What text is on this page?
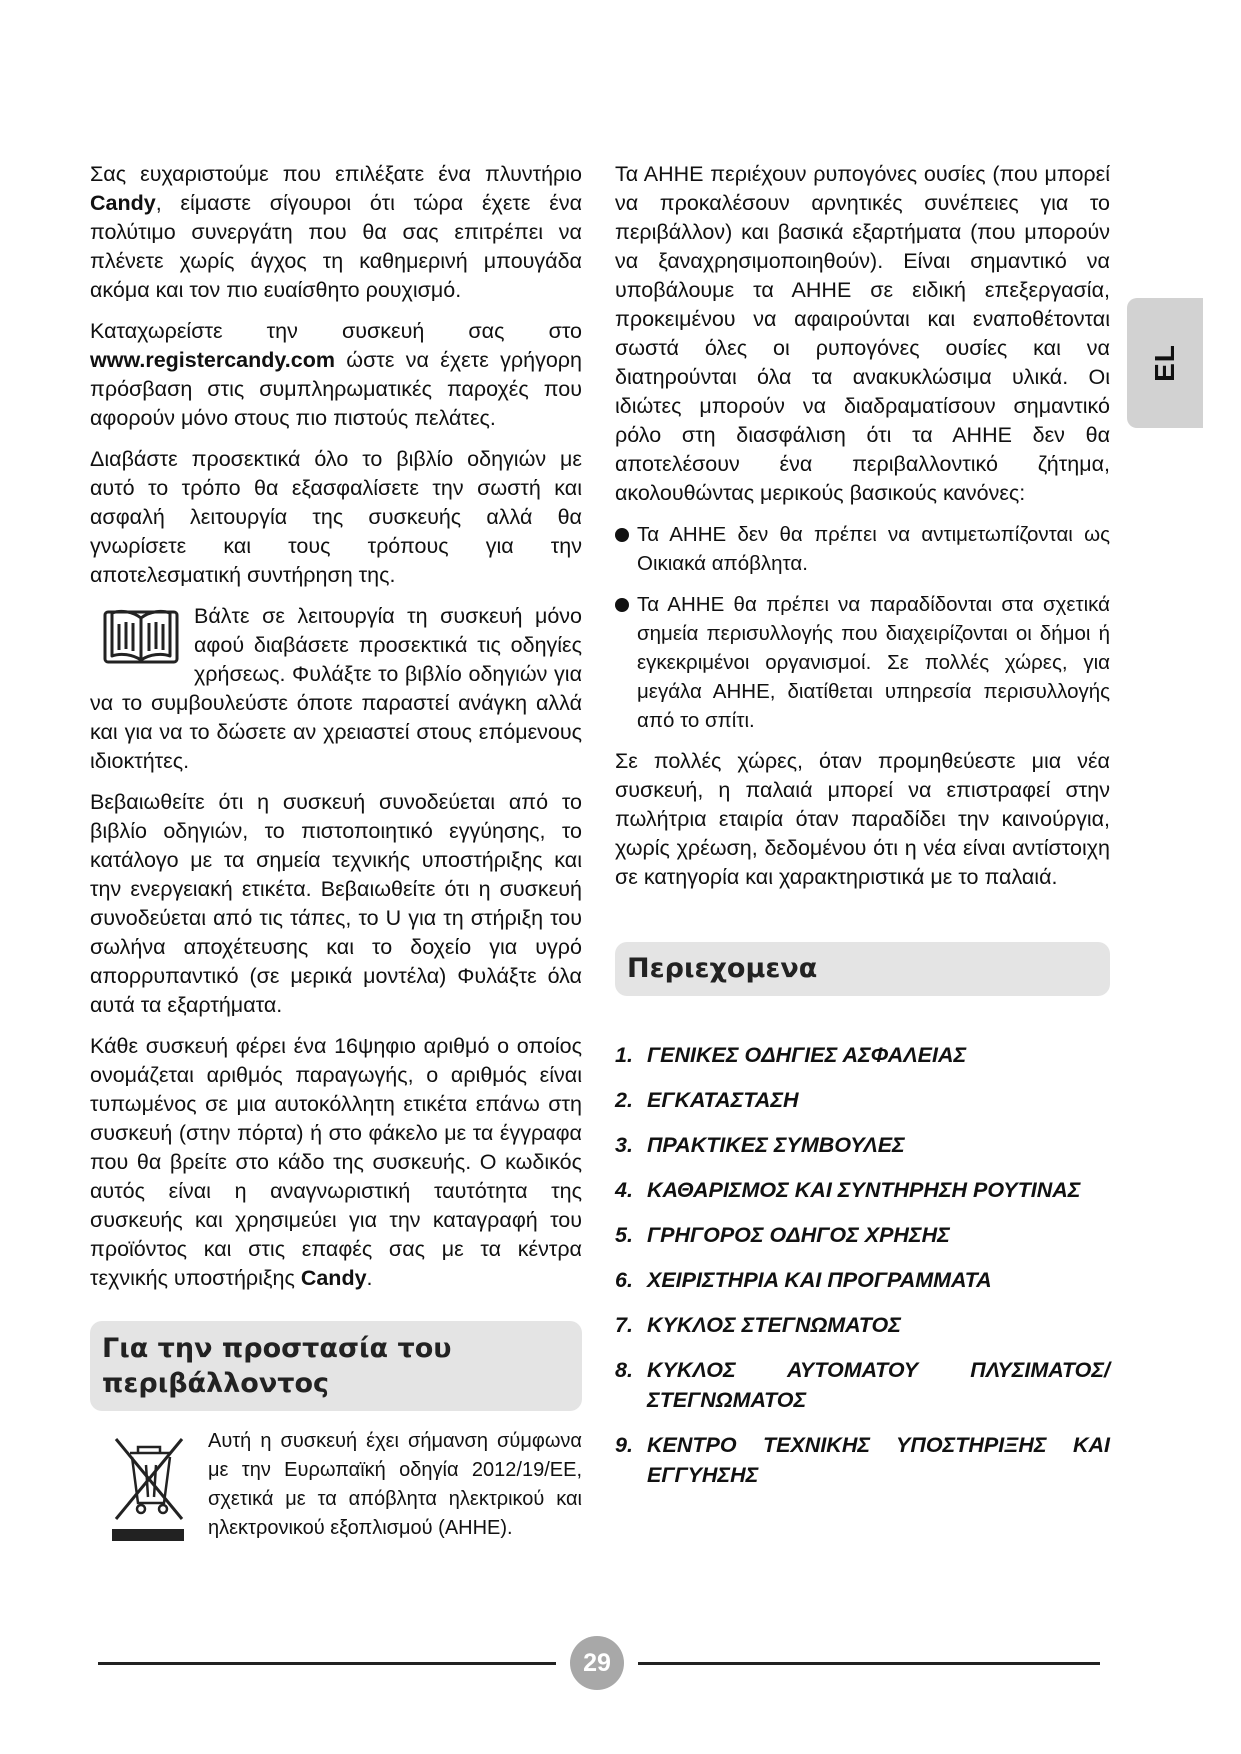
Σας ευχαριστούμε που επιλέξατε ένα πλυντήριο Candy, είμαστε σίγουροι ότι τώρα έχετε ένα πολύτιμο συνεργάτη που θα σας επιτρέπει να πλένετε χωρίς άγχος τη καθημερινή μπουγάδα ακόμα και τον πιο ευαίσθητο ρουχισμό.

Καταχωρείστε την συσκευή σας στο www.registercandy.com ώστε να έχετε γρήγορη πρόσβαση στις συμπληρωματικές παροχές που αφορούν μόνο στους πιο πιστούς πελάτες.

Διαβάστε προσεκτικά όλο το βιβλίο οδηγιών με αυτό το τρόπο θα εξασφαλίσετε την σωστή και ασφαλή λειτουργία της συσκευής αλλά θα γνωρίσετε και τους τρόπους για την αποτελεσματική συντήρηση της.

Βάλτε σε λειτουργία τη συσκευή μόνο αφού διαβάσετε προσεκτικά τις οδηγίες χρήσεως. Φυλάξτε το βιβλίο οδηγιών για να το συμβουλεύστε όποτε παραστεί ανάγκη αλλά και για να το δώσετε αν χρειαστεί στους επόμενους ιδιοκτήτες.

Βεβαιωθείτε ότι η συσκευή συνοδεύεται από το βιβλίο οδηγιών, το πιστοποιητικό εγγύησης, το κατάλογο με τα σημεία τεχνικής υποστήριξης και την ενεργειακή ετικέτα. Βεβαιωθείτε ότι η συσκευή συνοδεύεται από τις τάπες, το U για τη στήριξη του σωλήνα αποχέτευσης και το δοχείο για υγρό απορρυπαντικό (σε μερικά μοντέλα) Φυλάξτε όλα αυτά τα εξαρτήματα.

Κάθε συσκευή φέρει ένα 16ψηφιο αριθμό ο οποίος ονομάζεται αριθμός παραγωγής, ο αριθμός είναι τυπωμένος σε μια αυτοκόλλητη ετικέτα επάνω στη συσκευή (στην πόρτα) ή στο φάκελο με τα έγγραφα που θα βρείτε στο κάδο της συσκευής. Ο κωδικός αυτός είναι η αναγνωριστική ταυτότητα της συσκευής και χρησιμεύει για την καταγραφή του προϊόντος και στις επαφές σας με τα κέντρα τεχνικής υποστήριξης Candy.

Για την προστασία του
περιβάλλοντος

Αυτή η συσκευή έχει σήμανση σύμφωνα με την Ευρωπαϊκή οδηγία 2012/19/ΕΕ, σχετικά με τα απόβλητα ηλεκτρικού και ηλεκτρονικού εξοπλισμού (ΑΗΗΕ).

Τα ΑΗΗΕ περιέχουν ρυπογόνες ουσίες (που μπορεί να προκαλέσουν αρνητικές συνέπειες για το περιβάλλον) και βασικά εξαρτήματα (που μπορούν να ξαναχρησιμοποιηθούν). Είναι σημαντικό να υποβάλουμε τα ΑΗΗΕ σε ειδική επεξεργασία, προκειμένου να αφαιρούνται και εναποθέτονται σωστά όλες οι ρυπογόνες ουσίες και να διατηρούνται όλα τα ανακυκλώσιμα υλικά. Οι ιδιώτες μπορούν να διαδραματίσουν σημαντικό ρόλο στη διασφάλιση ότι τα ΑΗΗΕ δεν θα αποτελέσουν ένα περιβαλλοντικό ζήτημα, ακολουθώντας μερικούς βασικούς κανόνες:

Τα ΑΗΗΕ δεν θα πρέπει να αντιμετωπίζονται ως Οικιακά απόβλητα.
Τα ΑΗΗΕ θα πρέπει να παραδίδονται στα σχετικά σημεία περισυλλογής που διαχειρίζονται οι δήμοι ή εγκεκριμένοι οργανισμοί. Σε πολλές χώρες, για μεγάλα ΑΗΗΕ, διατίθεται υπηρεσία περισυλλογής από το σπίτι.

Σε πολλές χώρες, όταν προμηθεύεστε μια νέα συσκευή, η παλαιά μπορεί να επιστραφεί στην πωλήτρια εταιρία όταν παραδίδει την καινούργια, χωρίς χρέωση, δεδομένου ότι η νέα είναι αντίστοιχη σε κατηγορία και χαρακτηριστικά με το παλαιά.

Περιεχομενα
1. ΓΕΝΙΚΕΣ ΟΔΗΓΙΕΣ ΑΣΦΑΛΕΙΑΣ
2. ΕΓΚΑΤΑΣΤΑΣΗ
3. ΠΡΑΚΤΙΚΕΣ ΣΥΜΒΟΥΛΕΣ
4. ΚΑΘΑΡΙΣΜΟΣ ΚΑΙ ΣΥΝΤΗΡΗΣΗ ΡΟΥΤΙΝΑΣ
5. ΓΡΗΓΟΡΟΣ ΟΔΗΓΟΣ ΧΡΗΣΗΣ
6. ΧΕΙΡΙΣΤΗΡΙΑ ΚΑΙ ΠΡΟΓΡΑΜΜΑΤΑ
7. ΚΥΚΛΟΣ ΣΤΕΓΝΩΜΑΤΟΣ
8. ΚΥΚΛΟΣ ΑΥΤΟΜΑΤΟΥ ΠΛΥΣΙΜΑΤΟΣ/ΣΤΕΓΝΩΜΑΤΟΣ
9. ΚΕΝΤΡΟ ΤΕΧΝΙΚΗΣ ΥΠΟΣΤΗΡΙΞΗΣ ΚΑΙ ΕΓΓΥΗΣΗΣ
EL
29
